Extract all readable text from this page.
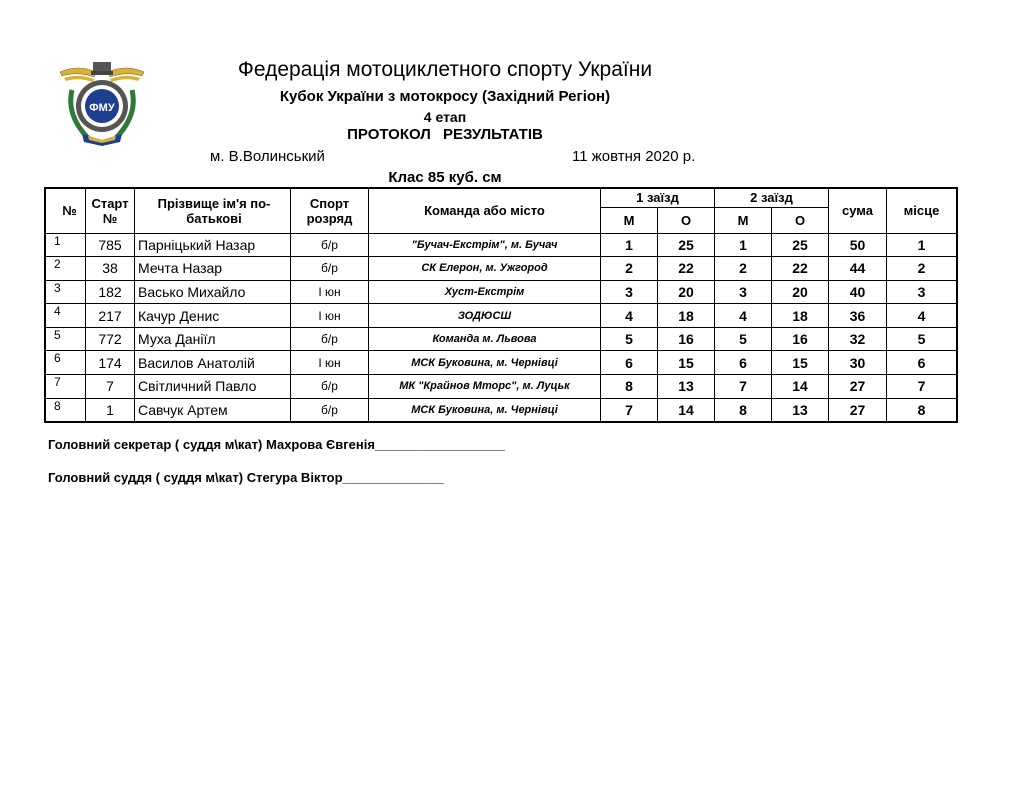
ФМУ
Федерація мотоциклетного спорту України
Кубок України з мотокросу (Західний Регіон)
4 етап
ПРОТОКОЛ РЕЗУЛЬТАТІВ
м. В.Волинський	11 жовтня 2020 р.
Клас 85 куб. см
№	Старт №	Прізвище ім'я по-батькові	Спорт розряд	Команда або місто	1 заїзд		2 заїзд		сума	місце
					М	О	М	О		
1	785	Парніцький Назар	б/р	"Бучач-Екстрім", м. Бучач	1	25	1	25	50	1
2	38	Мечта Назар	б/р	СК Елерон, м. Ужгород	2	22	2	22	44	2
3	182	Васько Михайло	I юн	Хуст-Екстрім	3	20	3	20	40	3
4	217	Качур Денис	I юн	ЗОДЮСШ	4	18	4	18	36	4
5	772	Муха Даніїл	б/р	Команда м. Львова	5	16	5	16	32	5
6	174	Василов Анатолій	I юн	МСК Буковина, м. Чернівці	6	15	6	15	30	6
7	7	Світличний Павло	б/р	МК "Крайнов Мторс", м. Луцьк	8	13	7	14	27	7
8	1	Савчук Артем	б/р	МСК Буковина, м. Чернівці	7	14	8	13	27	8
Головний секретар ( суддя м\кат) Махрова Євгенія__________________
Головний суддя ( суддя м\кат) Стегура Віктор______________
